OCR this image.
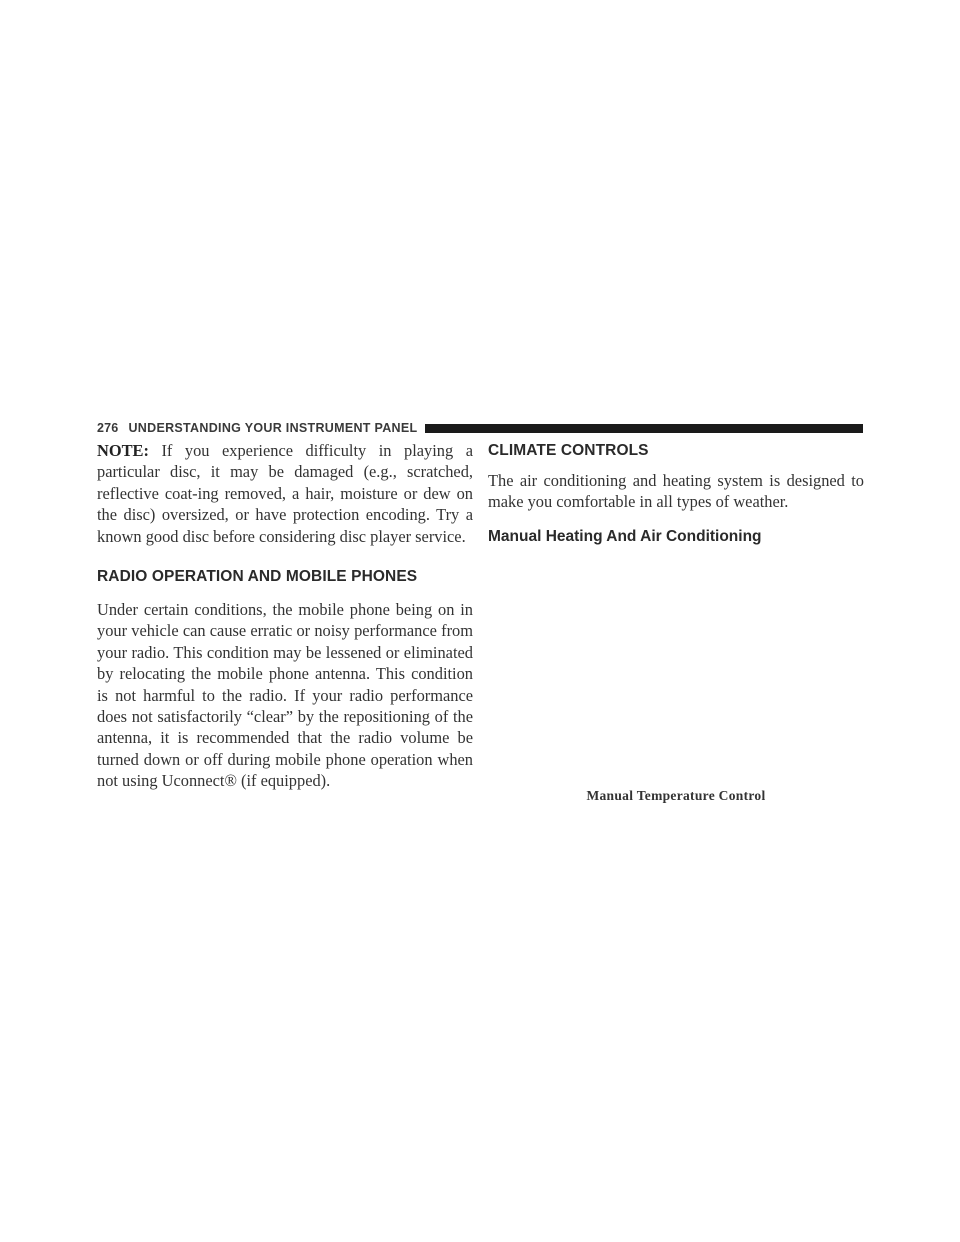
276 UNDERSTANDING YOUR INSTRUMENT PANEL

NOTE: If you experience difficulty in playing a particular disc, it may be damaged (e.g., scratched, reflective coat-ing removed, a hair, moisture or dew on the disc) oversized, or have protection encoding. Try a known good disc before considering disc player service.

RADIO OPERATION AND MOBILE PHONES

Under certain conditions, the mobile phone being on in your vehicle can cause erratic or noisy performance from your radio. This condition may be lessened or eliminated by relocating the mobile phone antenna. This condition is not harmful to the radio. If your radio performance does not satisfactorily “clear” by the repositioning of the antenna, it is recommended that the radio volume be turned down or off during mobile phone operation when not using Uconnect® (if equipped).

CLIMATE CONTROLS

The air conditioning and heating system is designed to make you comfortable in all types of weather.

Manual Heating And Air Conditioning
Manual Temperature Control
